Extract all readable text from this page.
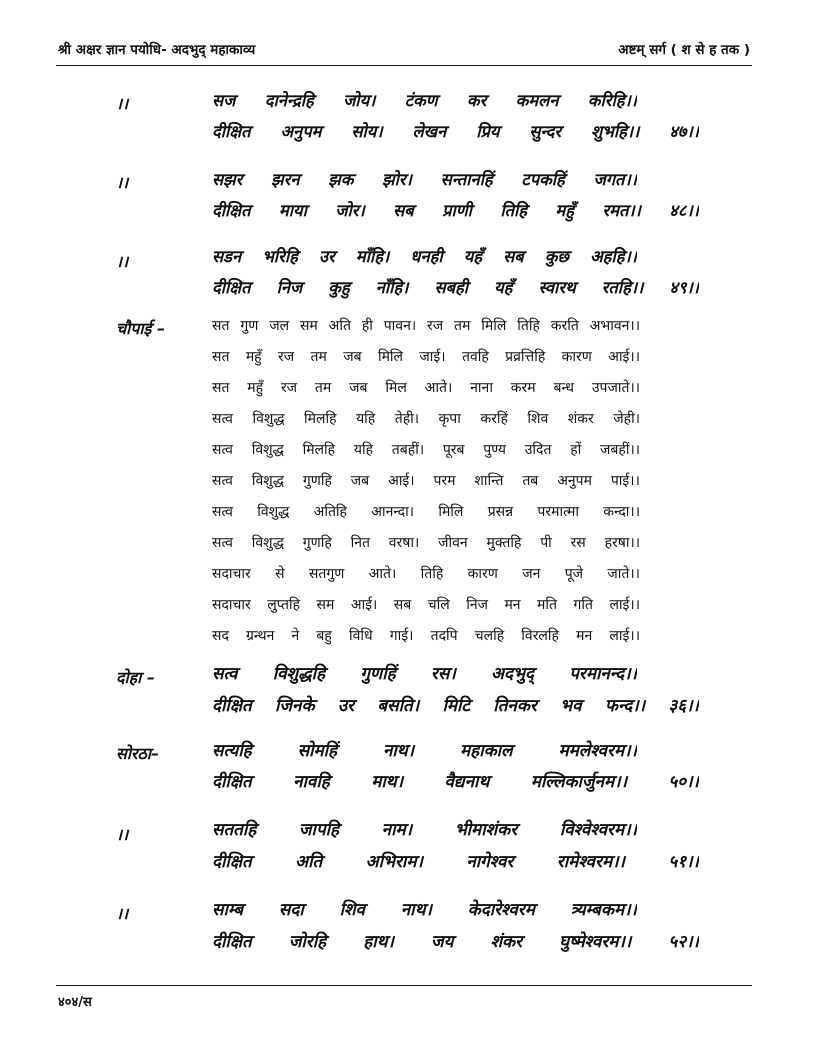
श्री अक्षर ज्ञान पयोधि- अदभुद् महाकाव्य	अष्टम् सर्ग ( श से ह तक )
।।	सज दानेन्द्रहि जोय। टंकण कर कमलन करिहि।।
दीक्षित अनुपम सोय। लेखन प्रिय सुन्दर शुभहि।। ४७।।
।।	सझर झरन झक झोर। सन्तानहिं टपकहिं जगत।।
दीक्षित माया जोर। सब प्राणी तिहि महुँ रमत।। ४८।।
।।	सडन भरिहि उर माँहि। धनही यहँ सब कुछ अहहि।।
दीक्षित निज कुहु नाँहि। सबही यहँ स्वारथ रतहि।। ४९।।
चौपाई –	सत गुण जल सम अति ही पावन। रज तम मिलि तिहि करति अभावन।।
सत महुँ रज तम जब मिलि जाई। तवहि प्रव्रत्तिहि कारण आई।।
सत महुँ रज तम जब मिल आते। नाना करम बन्ध उपजाते।।
सत्व विशुद्ध मिलहि यहि तेही। कृपा करहिं शिव शंकर जेही।
सत्व विशुद्ध मिलहि यहि तबहीं। पूरब पुण्य उदित हों जबहीं।।
सत्व विशुद्ध गुणहि जब आई। परम शान्ति तब अनुपम पाई।।
सत्व विशुद्ध अतिहि आनन्दा। मिलि प्रसन्न परमात्मा कन्दा।।
सत्व विशुद्ध गुणहि नित वरषा। जीवन मुक्तहि पी रस हरषा।।
सदाचार से सतगुण आते। तिहि कारण जन पूजे जाते।।
सदाचार लुप्तहि सम आई। सब चलि निज मन मति गति लाई।।
सद ग्रन्थन ने बहु विधि गाई। तदपि चलहि विरलहि मन लाई।।
दोहा –	सत्व विशुद्धहि गुणहिं रस। अदभुद् परमानन्द।।
दीक्षित जिनके उर बसति। मिटि तिनकर भव फन्द।। ३६।।
सोरठा–	सत्यहि	सोमहिं	नाथ।	महाकाल	ममलेश्वरम।।
दीक्षित नावहि माथ। वैद्यनाथ मल्लिकार्जुनम।। ५०।।
।।	सततहि	जापहि	नाम।	भीमाशंकर	विश्वेश्वरम।।
दीक्षित	अति	अभिराम।	नागेश्वर	रामेश्वरम।।	५१।।
।।	साम्ब सदा शिव नाथ। केदारेश्वरम त्र्यम्बकम।।
दीक्षित जोरहि हाथ। जय शंकर घुष्मेश्वरम।। ५२।।
४०४/स
